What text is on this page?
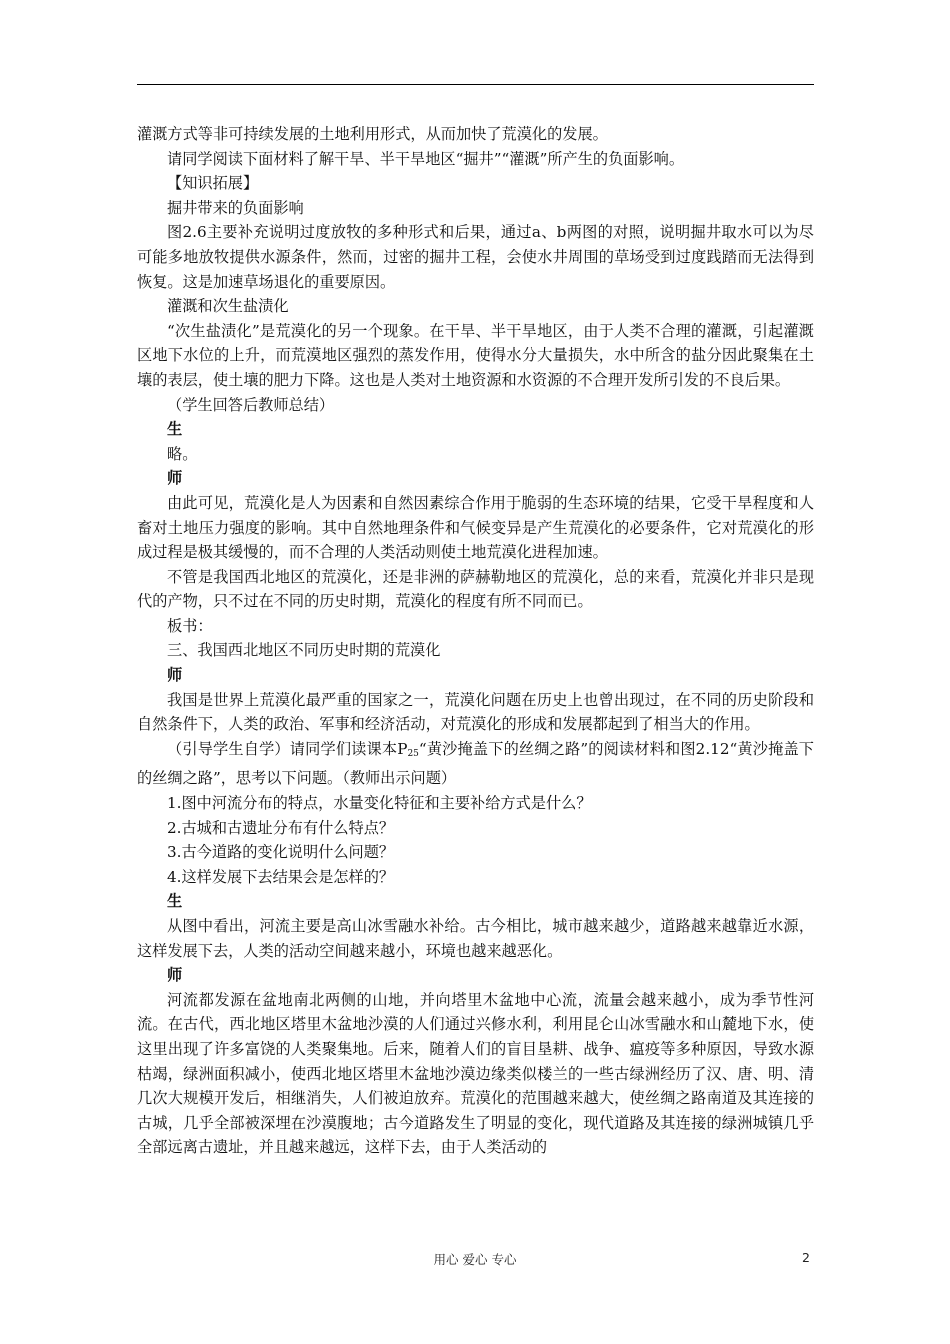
灌溉方式等非可持续发展的土地利用形式，从而加快了荒漠化的发展。

请同学阅读下面材料了解干旱、半干旱地区“掘井”“灌溉”所产生的负面影响。

【知识拓展】

掘井带来的负面影响

图2.6主要补充说明过度放牧的多种形式和后果，通过a、b两图的对照，说明掘井取水可以为尽可能多地放牧提供水源条件，然而，过密的掘井工程，会使水井周围的草场受到过度践踏而无法得到恢复。这是加速草场退化的重要原因。

灌溉和次生盐渍化

“次生盐渍化”是荒漠化的另一个现象。在干旱、半干旱地区，由于人类不合理的灌溉，引起灌溉区地下水位的上升，而荒漠地区强烈的蒸发作用，使得水分大量损失，水中所含的盐分因此聚集在土壤的表层，使土壤的肥力下降。这也是人类对土地资源和水资源的不合理开发所引发的不良后果。

（学生回答后教师总结）

生

略。

师

由此可见，荒漠化是人为因素和自然因素综合作用于脆弱的生态环境的结果，它受干旱程度和人畜对土地压力强度的影响。其中自然地理条件和气候变异是产生荒漠化的必要条件，它对荒漠化的形成过程是极其缓慢的，而不合理的人类活动则使土地荒漠化进程加速。

不管是我国西北地区的荒漠化，还是非洲的萨赫勒地区的荒漠化，总的来看，荒漠化并非只是现代的产物，只不过在不同的历史时期，荒漠化的程度有所不同而已。

板书：

三、我国西北地区不同历史时期的荒漠化

师

我国是世界上荒漠化最严重的国家之一，荒漠化问题在历史上也曾出现过，在不同的历史阶段和自然条件下，人类的政治、军事和经济活动，对荒漠化的形成和发展都起到了相当大的作用。

（引导学生自学）请同学们读课本$P_{25}“$黄沙掩盖下的丝绸之路”的阅读材料和图2.12“黄沙掩盖下的丝绸之路”，思考以下问题。（教师出示问题）

1.图中河流分布的特点，水量变化特征和主要补给方式是什么？

2.古城和古遗址分布有什么特点？

3.古今道路的变化说明什么问题？

4.这样发展下去结果会是怎样的？

生

从图中看出，河流主要是高山冰雪融水补给。古今相比，城市越来越少，道路越来越靠近水源，这样发展下去，人类的活动空间越来越小，环境也越来越恶化。

师

河流都发源在盆地南北两侧的山地，并向塔里木盆地中心流，流量会越来越小，成为季节性河流。在古代，西北地区塔里木盆地沙漠的人们通过兴修水利，利用昆仑山冰雪融水和山麓地下水，使这里出现了许多富饶的人类聚集地。后来，随着人们的盲目垦耕、战争、瘟疫等多种原因，导致水源枯竭，绿洲面积减小，使西北地区塔里木盆地沙漠边缘类似楼兰的一些古绿洲经历了汉、唐、明、清几次大规模开发后，相继消失，人们被迫放弃。荒漠化的范围越来越大，使丝绸之路南道及其连接的古城，几乎全部被深埋在沙漠腹地；古今道路发生了明显的变化，现代道路及其连接的绿洲城镇几乎全部远离古遗址，并且越来越远，这样下去，由于人类活动的

用心 爱心 专心	2
